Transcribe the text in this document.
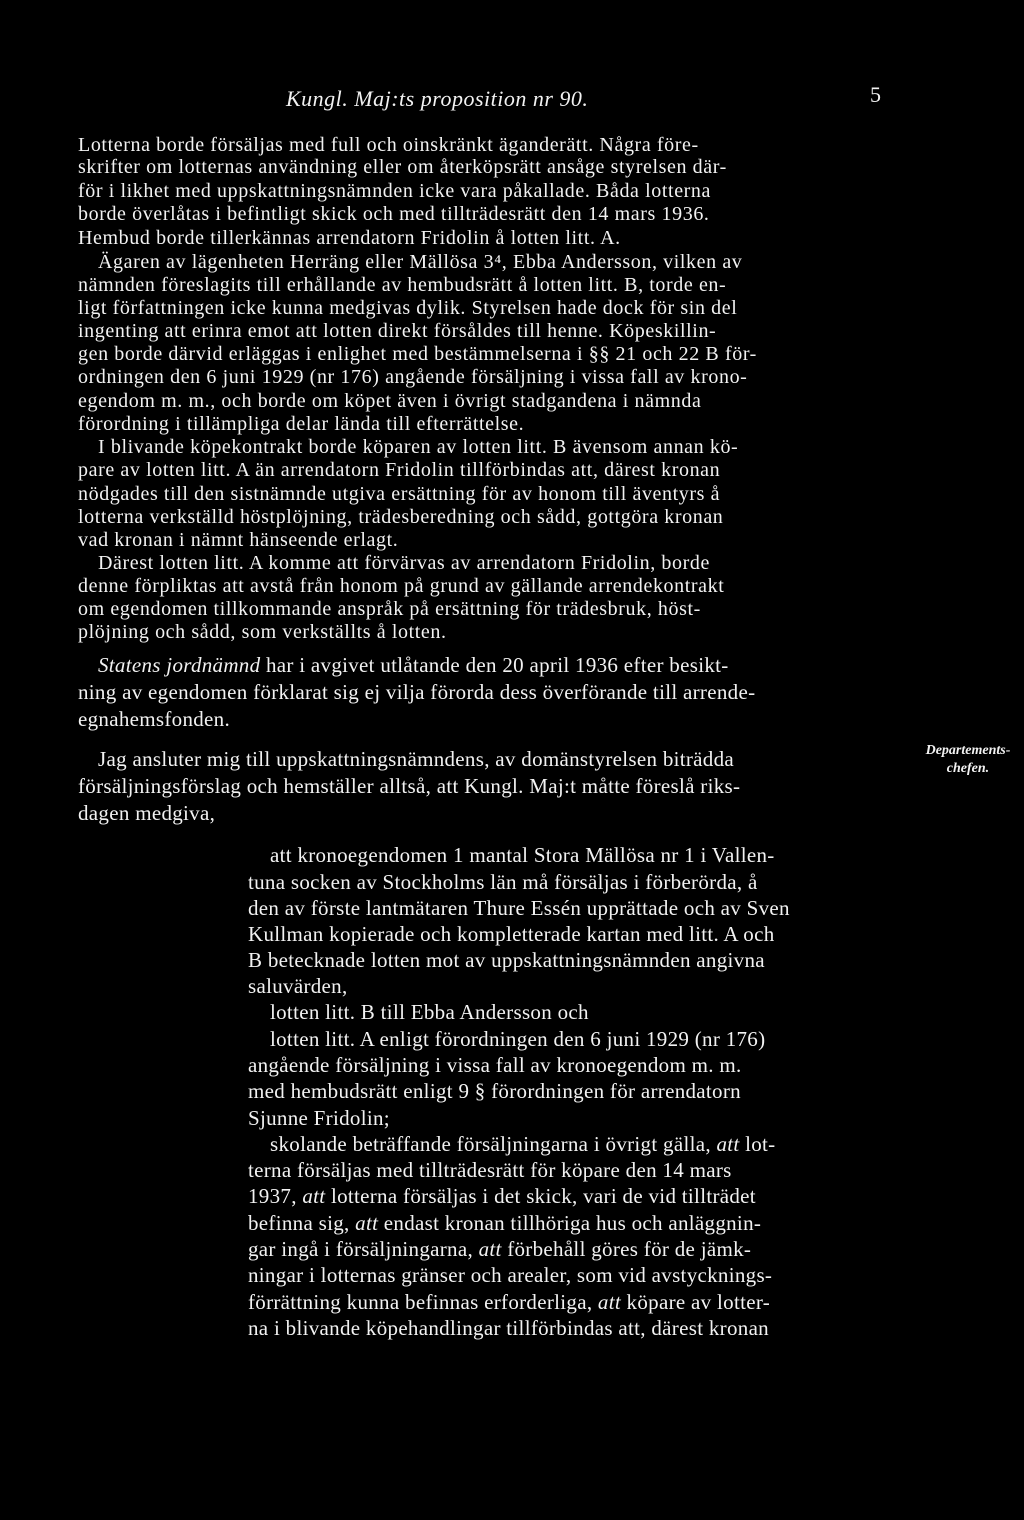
Kungl. Maj:ts proposition nr 90.	5
Lotterna borde försäljas med full och oinskränkt äganderätt. Några före-
skrifter om lotternas användning eller om återköpsrätt ansåge styrelsen där-
för i likhet med uppskattningsnämnden icke vara påkallade. Båda lotterna
borde överlåtas i befintligt skick och med tillträdesrätt den 14 mars 1936.
Hembud borde tillerkännas arrendatorn Fridolin å lotten litt. A.
Ägaren av lägenheten Herräng eller Mällösa 3⁴, Ebba Andersson, vilken av
nämnden föreslagits till erhållande av hembudsrätt å lotten litt. B, torde en-
ligt författningen icke kunna medgivas dylik. Styrelsen hade dock för sin del
ingenting att erinra emot att lotten direkt försåldes till henne. Köpeskillin-
gen borde därvid erläggas i enlighet med bestämmelserna i §§ 21 och 22 B för-
ordningen den 6 juni 1929 (nr 176) angående försäljning i vissa fall av krono-
egendom m. m., och borde om köpet även i övrigt stadgandena i nämnda
förordning i tillämpliga delar lända till efterrättelse.
I blivande köpekontrakt borde köparen av lotten litt. B ävensom annan kö-
pare av lotten litt. A än arrendatorn Fridolin tillförbindas att, därest kronan
nödgades till den sistnämnde utgiva ersättning för av honom till äventyrs å
lotterna verkställd höstplöjning, trädesberedning och sådd, gottgöra kronan
vad kronan i nämnt hänseende erlagt.
Därest lotten litt. A komme att förvärvas av arrendatorn Fridolin, borde
denne förpliktas att avstå från honom på grund av gällande arrendekontrakt
om egendomen tillkommande anspråk på ersättning för trädesbruk, höst-
plöjning och sådd, som verkställts å lotten.
Statens jordnämnd har i avgivet utlåtande den 20 april 1936 efter besikt-
ning av egendomen förklarat sig ej vilja förorda dess överförande till arrende-
egnahemsfonden.
Jag ansluter mig till uppskattningsnämndens, av domänstyrelsen biträdda
försäljningsförslag och hemställer alltså, att Kungl. Maj:t måtte föreslå riks-
dagen medgiva,
Departements-
chefen.
att kronoegendomen 1 mantal Stora Mällösa nr 1 i Vallen-
tuna socken av Stockholms län må försäljas i förberörda, å
den av förste lantmätaren Thure Essén upprättade och av Sven
Kullman kopierade och kompletterade kartan med litt. A och
B betecknade lotten mot av uppskattningsnämnden angivna
saluvärden,
lotten litt. B till Ebba Andersson och
lotten litt. A enligt förordningen den 6 juni 1929 (nr 176)
angående försäljning i vissa fall av kronoegendom m. m.
med hembudsrätt enligt 9 § förordningen för arrendatorn
Sjunne Fridolin;
skolande beträffande försäljningarna i övrigt gälla, att lot-
terna försäljas med tillträdesrätt för köpare den 14 mars
1937, att lotterna försäljas i det skick, vari de vid tillträdet
befinna sig, att endast kronan tillhöriga hus och anläggnin-
gar ingå i försäljningarna, att förbehåll göres för de jämk-
ningar i lotternas gränser och arealer, som vid avstycknings-
förrättning kunna befinnas erforderliga, att köpare av lotter-
na i blivande köpehandlingar tillförbindas att, därest kronan
